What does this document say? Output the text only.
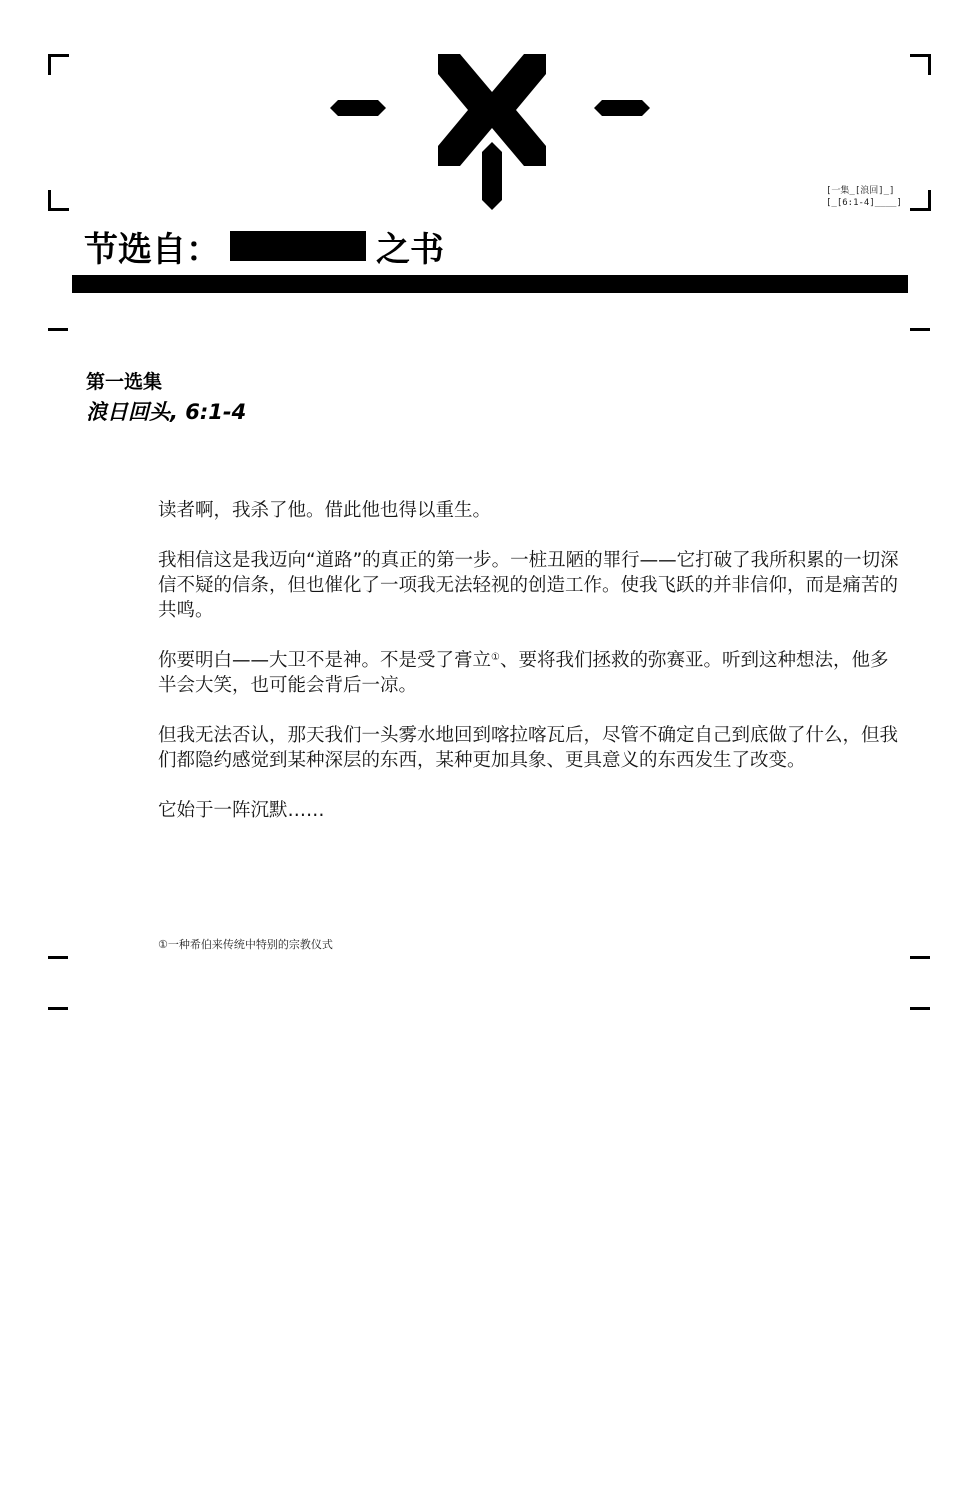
[一集_[浪回]_]
[_[6:1-4]____]
节选自：	之书
第一选集
浪日回头, 6:1-4

读者啊，我杀了他。借此他也得以重生。

我相信这是我迈向“道路”的真正的第一步。一桩丑陋的罪行——它打破了我所积累的一切深信不疑的信条，但也催化了一项我无法轻视的创造工作。使我飞跃的并非信仰，而是痛苦的共鸣。

你要明白——大卫不是神。不是受了膏立①、要将我们拯救的弥赛亚。听到这种想法，他多半会大笑，也可能会背后一凉。

但我无法否认，那天我们一头雾水地回到喀拉喀瓦后，尽管不确定自己到底做了什么，但我们都隐约感觉到某种深层的东西，某种更加具象、更具意义的东西发生了改变。

它始于一阵沉默……

①一种希伯来传统中特别的宗教仪式
